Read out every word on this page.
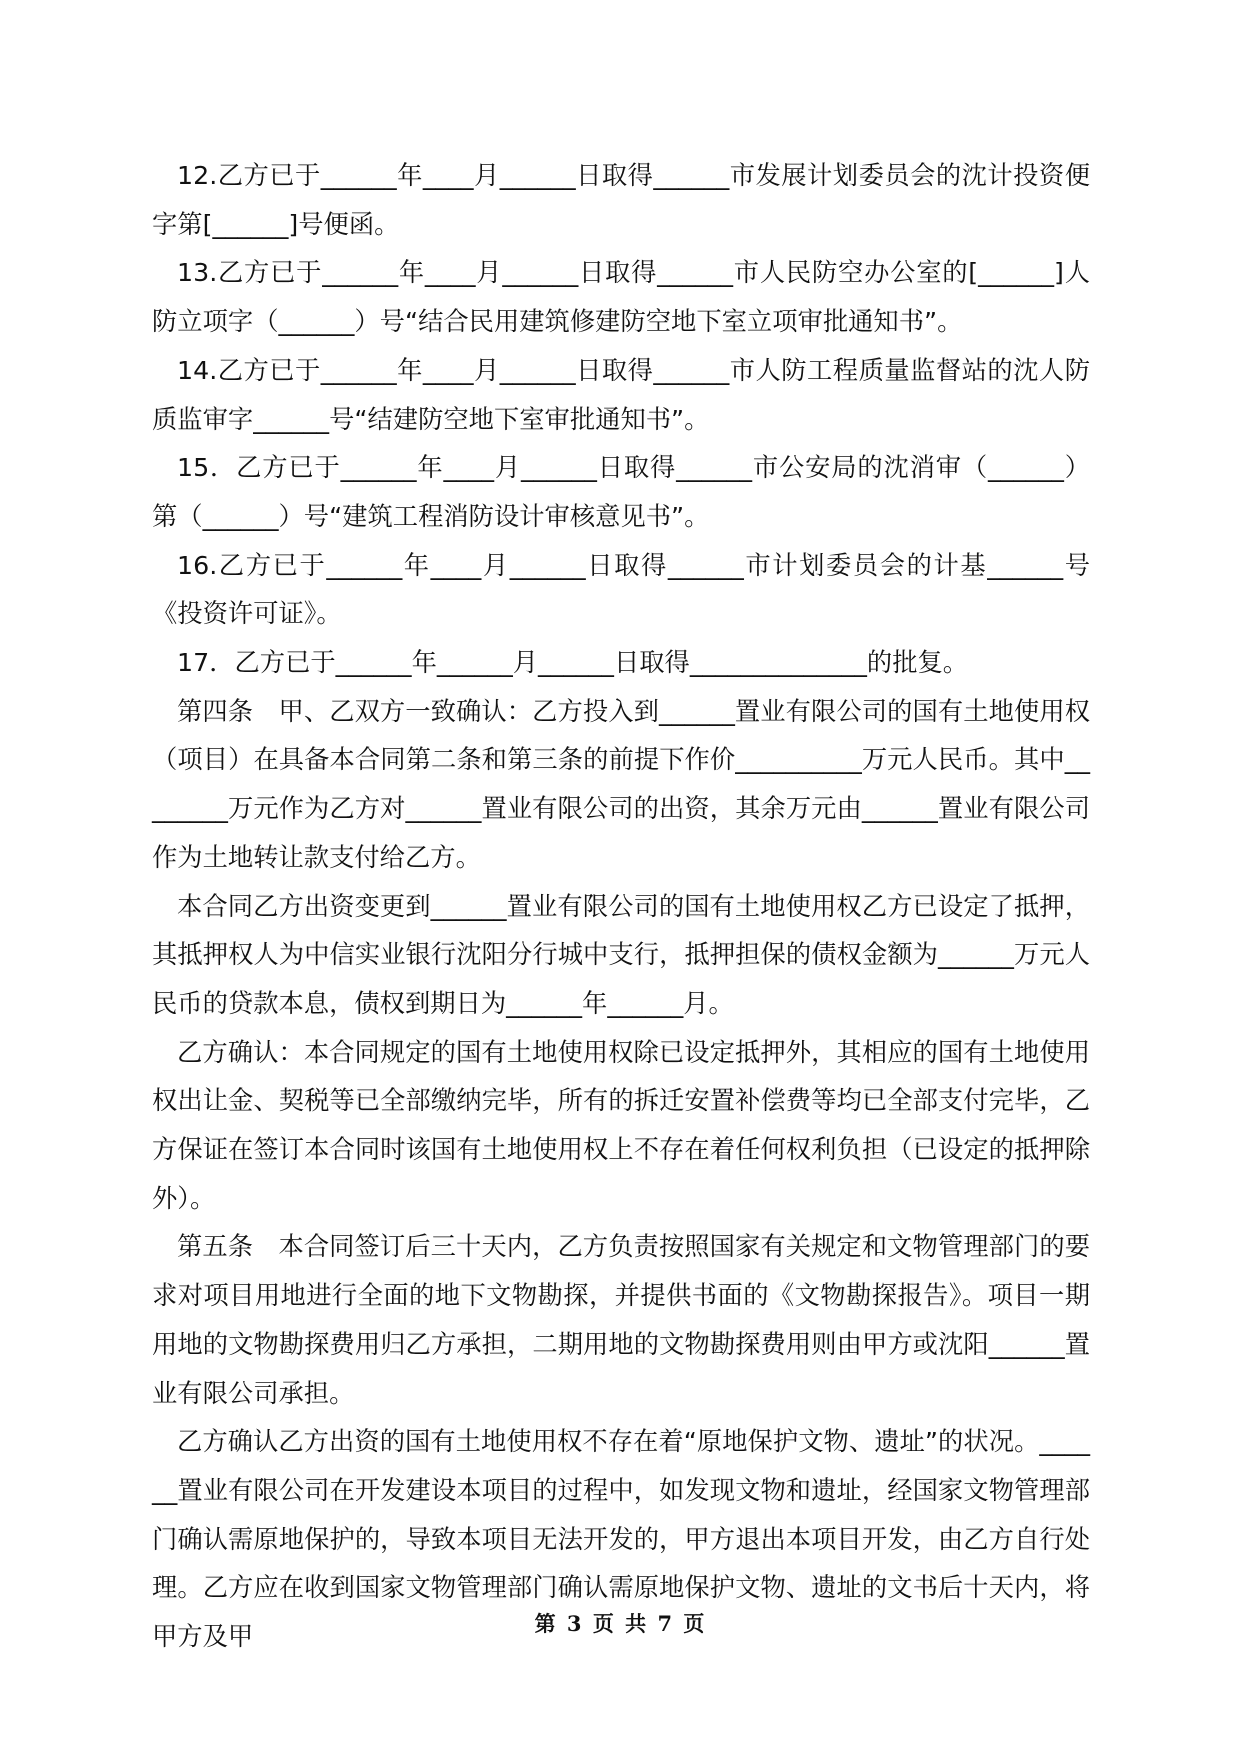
12.乙方已于______年____月______日取得______市发展计划委员会的沈计投资便字第[______]号便函。

13.乙方已于______年____月______日取得______市人民防空办公室的[______]人防立项字（______）号“结合民用建筑修建防空地下室立项审批通知书”。

14.乙方已于______年____月______日取得______市人防工程质量监督站的沈人防质监审字______号“结建防空地下室审批通知书”。

15．乙方已于______年____月______日取得______市公安局的沈消审（______）第（______）号“建筑工程消防设计审核意见书”。

16.乙方已于______年____月______日取得______市计划委员会的计基______号《投资许可证》。

17．乙方已于______年______月______日取得______________的批复。

第四条　甲、乙双方一致确认：乙方投入到______置业有限公司的国有土地使用权（项目）在具备本合同第二条和第三条的前提下作价__________万元人民币。其中________万元作为乙方对______置业有限公司的出资，其余万元由______置业有限公司作为土地转让款支付给乙方。

本合同乙方出资变更到______置业有限公司的国有土地使用权乙方已设定了抵押，其抵押权人为中信实业银行沈阳分行城中支行，抵押担保的债权金额为______万元人民币的贷款本息，债权到期日为______年______月。

乙方确认：本合同规定的国有土地使用权除已设定抵押外，其相应的国有土地使用权出让金、契税等已全部缴纳完毕，所有的拆迁安置补偿费等均已全部支付完毕，乙方保证在签订本合同时该国有土地使用权上不存在着任何权利负担（已设定的抵押除外）。

第五条　本合同签订后三十天内，乙方负责按照国家有关规定和文物管理部门的要求对项目用地进行全面的地下文物勘探，并提供书面的《文物勘探报告》。项目一期用地的文物勘探费用归乙方承担，二期用地的文物勘探费用则由甲方或沈阳______置业有限公司承担。

乙方确认乙方出资的国有土地使用权不存在着“原地保护文物、遗址”的状况。______置业有限公司在开发建设本项目的过程中，如发现文物和遗址，经国家文物管理部门确认需原地保护的，导致本项目无法开发的，甲方退出本项目开发，由乙方自行处理。乙方应在收到国家文物管理部门确认需原地保护文物、遗址的文书后十天内，将甲方及甲	第 3 页 共 7 页
